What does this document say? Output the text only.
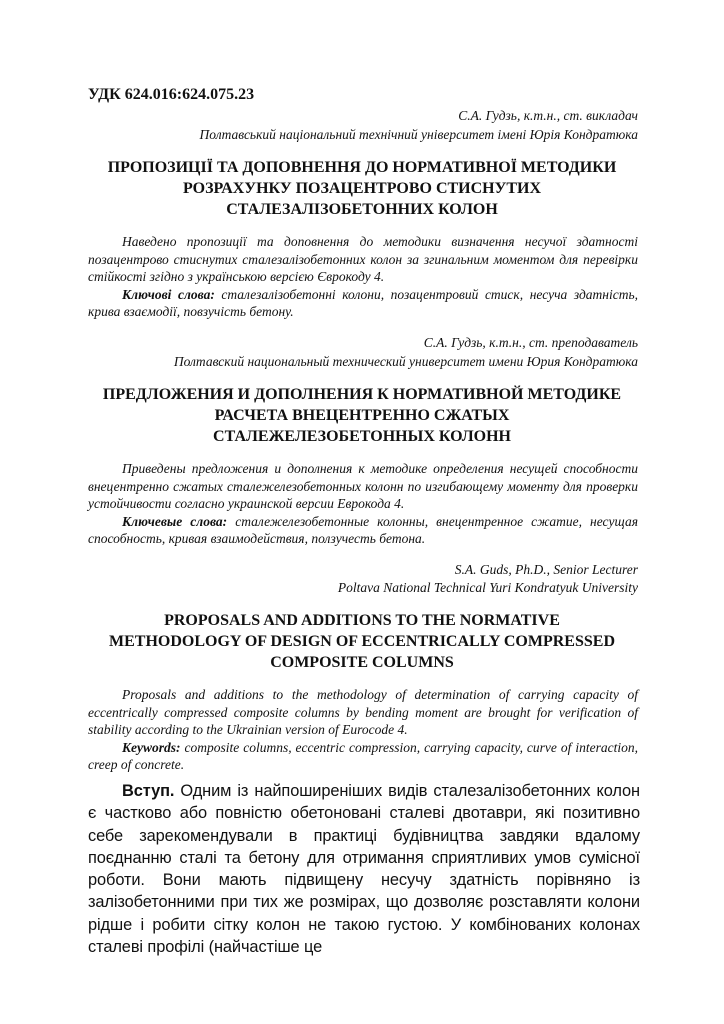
УДК 624.016:624.075.23
С.А. Гудзь, к.т.н., ст. викладач
Полтавський національний технічний університет імені Юрія Кондратюка
ПРОПОЗИЦІЇ ТА ДОПОВНЕННЯ ДО НОРМАТИВНОЇ МЕТОДИКИ
РОЗРАХУНКУ ПОЗАЦЕНТРОВО СТИСНУТИХ
СТАЛЕЗАЛІЗОБЕТОННИХ КОЛОН

Наведено пропозиції та доповнення до методики визначення несучої здатності позацентрово стиснутих сталезалізобетонних колон за згинальним моментом для перевірки стійкості згідно з українською версією Єврокоду 4.

Ключові слова: сталезалізобетонні колони, позацентровий стиск, несуча здатність, крива взаємодії, повзучість бетону.

С.А. Гудзь, к.т.н., ст. преподаватель
Полтавский национальный технический университет имени Юрия Кондратюка
ПРЕДЛОЖЕНИЯ И ДОПОЛНЕНИЯ К НОРМАТИВНОЙ МЕТОДИКЕ
РАСЧЕТА ВНЕЦЕНТРЕННО СЖАТЫХ
СТАЛЕЖЕЛЕЗОБЕТОННЫХ КОЛОНН

Приведены предложения и дополнения к методике определения несущей способности внецентренно сжатых сталежелезобетонных колонн по изгибающему моменту для проверки устойчивости согласно украинской версии Еврокода 4.

Ключевые слова: сталежелезобетонные колонны, внецентренное сжатие, несущая способность, кривая взаимодействия, ползучесть бетона.

S.A. Guds, Ph.D., Senior Lecturer
Poltava National Technical Yuri Kondratyuk University
PROPOSALS AND ADDITIONS TO THE NORMATIVE
METHODOLOGY OF DESIGN OF ECCENTRICALLY COMPRESSED
COMPOSITE COLUMNS

Proposals and additions to the methodology of determination of carrying capacity of eccentrically compressed composite columns by bending moment are brought for verification of stability according to the Ukrainian version of Eurocode 4.

Keywords: composite columns, eccentric compression, carrying capacity, curve of interaction, creep of concrete.

Вступ. Одним із найпоширеніших видів сталезалізобетонних колон є частково або повністю обетоновані сталеві двотаври, які позитивно себе зарекомендували в практиці будівництва завдяки вдалому поєднанню сталі та бетону для отримання сприятливих умов сумісної роботи. Вони мають підвищену несучу здатність порівняно із залізобетонними при тих же розмірах, що дозволяє розставляти колони рідше і робити сітку колон не такою густою. У комбінованих колонах сталеві профілі (найчастіше це
